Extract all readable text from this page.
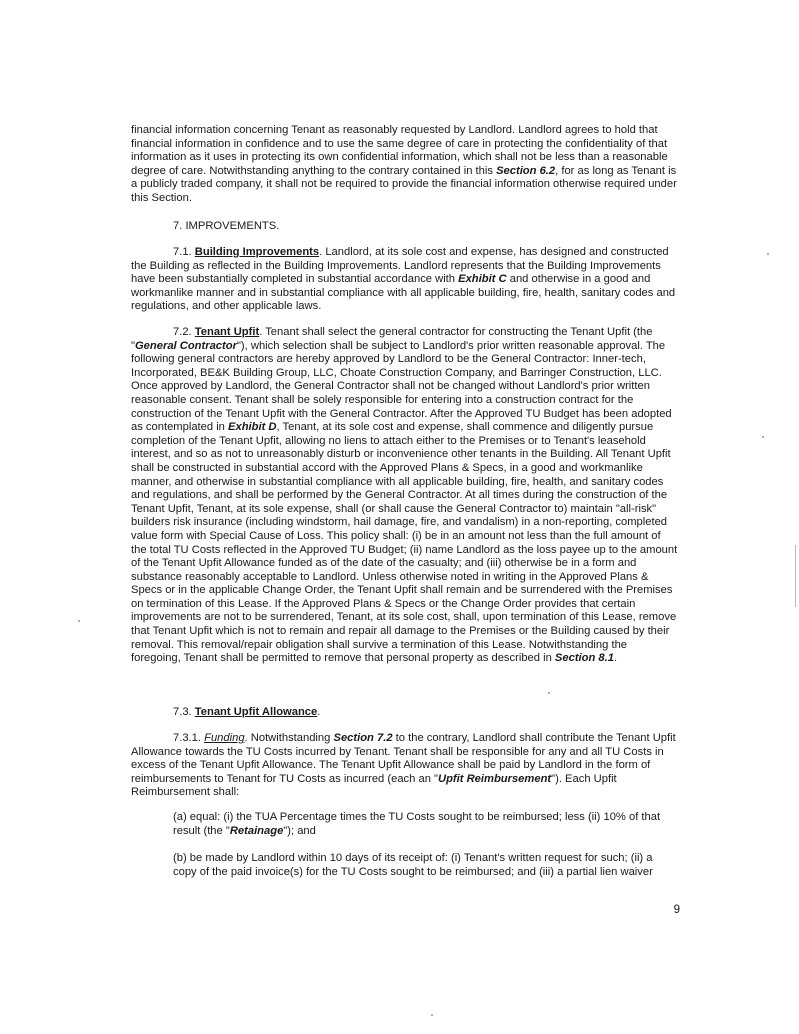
financial information concerning Tenant as reasonably requested by Landlord. Landlord agrees to hold that financial information in confidence and to use the same degree of care in protecting the confidentiality of that information as it uses in protecting its own confidential information, which shall not be less than a reasonable degree of care. Notwithstanding anything to the contrary contained in this Section 6.2, for as long as Tenant is a publicly traded company, it shall not be required to provide the financial information otherwise required under this Section.

7. IMPROVEMENTS.

7.1. Building Improvements. Landlord, at its sole cost and expense, has designed and constructed the Building as reflected in the Building Improvements. Landlord represents that the Building Improvements have been substantially completed in substantial accordance with Exhibit C and otherwise in a good and workmanlike manner and in substantial compliance with all applicable building, fire, health, sanitary codes and regulations, and other applicable laws.

7.2. Tenant Upfit. Tenant shall select the general contractor for constructing the Tenant Upfit (the "General Contractor"), which selection shall be subject to Landlord's prior written reasonable approval. The following general contractors are hereby approved by Landlord to be the General Contractor: Inner-tech, Incorporated, BE&K Building Group, LLC, Choate Construction Company, and Barringer Construction, LLC. Once approved by Landlord, the General Contractor shall not be changed without Landlord's prior written reasonable consent. Tenant shall be solely responsible for entering into a construction contract for the construction of the Tenant Upfit with the General Contractor. After the Approved TU Budget has been adopted as contemplated in Exhibit D, Tenant, at its sole cost and expense, shall commence and diligently pursue completion of the Tenant Upfit, allowing no liens to attach either to the Premises or to Tenant's leasehold interest, and so as not to unreasonably disturb or inconvenience other tenants in the Building. All Tenant Upfit shall be constructed in substantial accord with the Approved Plans & Specs, in a good and workmanlike manner, and otherwise in substantial compliance with all applicable building, fire, health, and sanitary codes and regulations, and shall be performed by the General Contractor. At all times during the construction of the Tenant Upfit, Tenant, at its sole expense, shall (or shall cause the General Contractor to) maintain "all-risk" builders risk insurance (including windstorm, hail damage, fire, and vandalism) in a non-reporting, completed value form with Special Cause of Loss. This policy shall: (i) be in an amount not less than the full amount of the total TU Costs reflected in the Approved TU Budget; (ii) name Landlord as the loss payee up to the amount of the Tenant Upfit Allowance funded as of the date of the casualty; and (iii) otherwise be in a form and substance reasonably acceptable to Landlord. Unless otherwise noted in writing in the Approved Plans & Specs or in the applicable Change Order, the Tenant Upfit shall remain and be surrendered with the Premises on termination of this Lease. If the Approved Plans & Specs or the Change Order provides that certain improvements are not to be surrendered, Tenant, at its sole cost, shall, upon termination of this Lease, remove that Tenant Upfit which is not to remain and repair all damage to the Premises or the Building caused by their removal. This removal/repair obligation shall survive a termination of this Lease. Notwithstanding the foregoing, Tenant shall be permitted to remove that personal property as described in Section 8.1.

7.3. Tenant Upfit Allowance.

7.3.1. Funding. Notwithstanding Section 7.2 to the contrary, Landlord shall contribute the Tenant Upfit Allowance towards the TU Costs incurred by Tenant. Tenant shall be responsible for any and all TU Costs in excess of the Tenant Upfit Allowance. The Tenant Upfit Allowance shall be paid by Landlord in the form of reimbursements to Tenant for TU Costs as incurred (each an "Upfit Reimbursement"). Each Upfit Reimbursement shall:

(a) equal: (i) the TUA Percentage times the TU Costs sought to be reimbursed; less (ii) 10% of that result (the "Retainage"); and

(b) be made by Landlord within 10 days of its receipt of: (i) Tenant's written request for such; (ii) a copy of the paid invoice(s) for the TU Costs sought to be reimbursed; and (iii) a partial lien waiver

9
